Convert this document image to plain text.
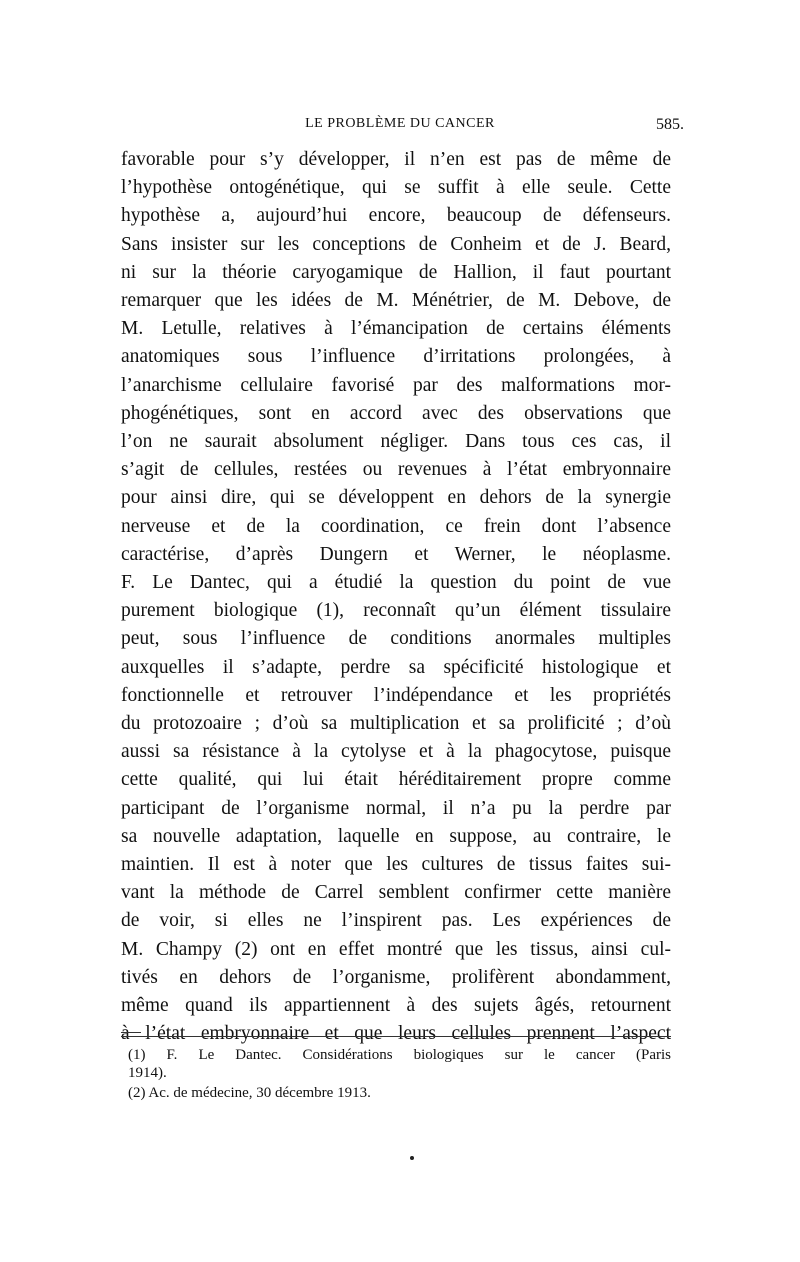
LE PROBLÈME DU CANCER	585.
favorable pour s’y développer, il n’en est pas de même de
l’hypothèse ontogénétique, qui se suffit à elle seule. Cette
hypothèse a, aujourd’hui encore, beaucoup de défenseurs.
Sans insister sur les conceptions de Conheim et de J. Beard,
ni sur la théorie caryogamique de Hallion, il faut pourtant
remarquer que les idées de M. Ménétrier, de M. Debove, de
M. Letulle, relatives à l’émancipation de certains éléments
anatomiques sous l’influence d’irritations prolongées, à
l’anarchisme cellulaire favorisé par des malformations mor-
phogénétiques, sont en accord avec des observations que
l’on ne saurait absolument négliger. Dans tous ces cas, il
s’agit de cellules, restées ou revenues à l’état embryonnaire
pour ainsi dire, qui se développent en dehors de la synergie
nerveuse et de la coordination, ce frein dont l’absence
caractérise, d’après Dungern et Werner, le néoplasme.
F. Le Dantec, qui a étudié la question du point de vue
purement biologique (1), reconnaît qu’un élément tissulaire
peut, sous l’influence de conditions anormales multiples
auxquelles il s’adapte, perdre sa spécificité histologique et
fonctionnelle et retrouver l’indépendance et les propriétés
du protozoaire ; d’où sa multiplication et sa prolificité ; d’où
aussi sa résistance à la cytolyse et à la phagocytose, puisque
cette qualité, qui lui était héréditairement propre comme
participant de l’organisme normal, il n’a pu la perdre par
sa nouvelle adaptation, laquelle en suppose, au contraire, le
maintien. Il est à noter que les cultures de tissus faites sui-
vant la méthode de Carrel semblent confirmer cette manière
de voir, si elles ne l’inspirent pas. Les expériences de
M. Champy (2) ont en effet montré que les tissus, ainsi cul-
tivés en dehors de l’organisme, prolifèrent abondamment,
même quand ils appartiennent à des sujets âgés, retournent
à l’état embryonnaire et que leurs cellules prennent l’aspect
(1) F. Le Dantec. Considérations biologiques sur le cancer (Paris
1914).
(2) Ac. de médecine, 30 décembre 1913.
